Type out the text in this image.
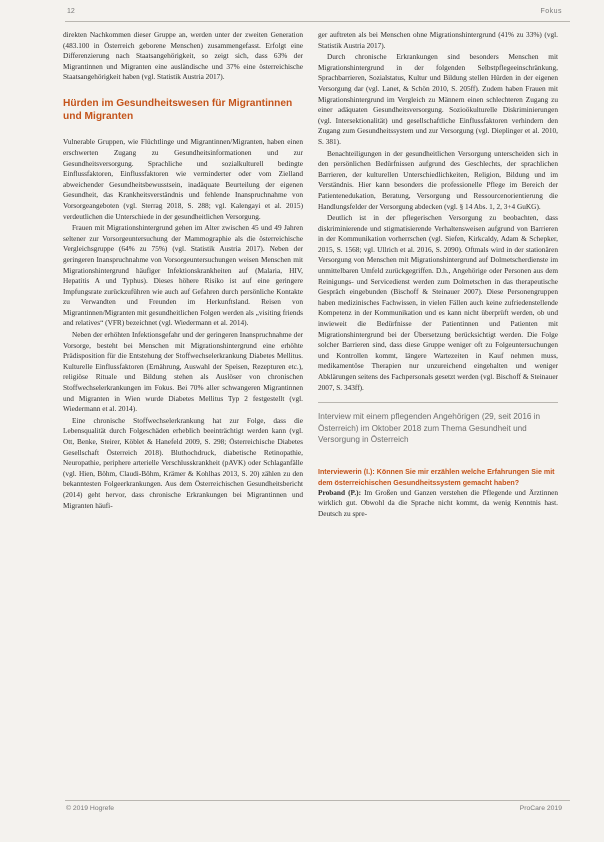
12	Fokus

direkten Nachkommen dieser Gruppe an, werden unter der zweiten Generation (483.100 in Österreich geborene Menschen) zusammengefasst. Erfolgt eine Differenzierung nach Staatsangehörigkeit, so zeigt sich, dass 63% der Migrantinnen und Migranten eine ausländische und 37% eine österreichische Staatsangehörigkeit haben (vgl. Statistik Austria 2017).

Hürden im Gesundheitswesen für Migrantinnen und Migranten

Vulnerable Gruppen, wie Flüchtlinge und Migrantinnen/Migranten, haben einen erschwerten Zugang zu Gesundheitsinformationen und zur Gesundheitsversorgung. Sprachliche und sozialkulturell bedingte Einflussfaktoren, Einflussfaktoren wie verminderter oder vom Zielland abweichender Gesundheitsbewusstsein, inadäquate Beurteilung der eigenen Gesundheit, das Krankheitsverständnis und fehlende Inanspruchnahme von Vorsorgeangeboten (vgl. Sterrag 2018, S. 288; vgl. Kalengayi et al. 2015) verdeutlichen die Unterschiede in der gesundheitlichen Versorgung.

Frauen mit Migrationshintergrund gehen im Alter zwischen 45 und 49 Jahren seltener zur Vorsorgeuntersuchung der Mammographie als die österreichische Vergleichsgruppe (64% zu 75%) (vgl. Statistik Austria 2017). Neben der geringeren Inanspruchnahme von Vorsorgeuntersuchungen weisen Menschen mit Migrationshintergrund häufiger Infektionskrankheiten auf (Malaria, HIV, Hepatitis A und Typhus). Dieses höhere Risiko ist auf eine geringere Impfungsrate zurückzuführen wie auch auf Gefahren durch persönliche Kontakte zu Verwandten und Freunden im Herkunftsland. Reisen von Migrantinnen/Migranten mit gesundheitlichen Folgen werden als „visiting friends and relatives“ (VFR) bezeichnet (vgl. Wiedermann et al. 2014).

Neben der erhöhten Infektionsgefahr und der geringeren Inanspruchnahme der Vorsorge, besteht bei Menschen mit Migrationshintergrund eine erhöhte Prädisposition für die Entstehung der Stoffwechselerkrankung Diabetes Mellitus. Kulturelle Einflussfaktoren (Ernährung, Auswahl der Speisen, Rezepturen etc.), religiöse Rituale und Bildung stehen als Auslöser von chronischen Stoffwechselerkrankungen im Fokus. Bei 70% aller schwangeren Migrantinnen und Migranten in Wien wurde Diabetes Mellitus Typ 2 festgestellt (vgl. Wiedermann et al. 2014).

Eine chronische Stoffwechselerkrankung hat zur Folge, dass die Lebensqualität durch Folgeschäden erheblich beeinträchtigt werden kann (vgl. Ott, Benke, Steirer, Köblet & Hanefeld 2009, S. 298; Österreichische Diabetes Gesellschaft Österreich 2018). Bluthochdruck, diabetische Retinopathie, Neuropathie, periphere arterielle Verschlusskrankheit (pAVK) oder Schlaganfälle (vgl. Hien, Böhm, Claudi-Böhm, Krämer & Kohlhas 2013, S. 20) zählen zu den bekanntesten Folgeerkrankungen. Aus dem Österreichischen Gesundheitsbericht (2014) geht hervor, dass chronische Erkrankungen bei Migrantinnen und Migranten häufi-

ger auftreten als bei Menschen ohne Migrationshintergrund (41% zu 33%) (vgl. Statistik Austria 2017).

Durch chronische Erkrankungen sind besonders Menschen mit Migrationshintergrund in der folgenden Selbstpflegeeinschränkung, Sprachbarrieren, Sozialstatus, Kultur und Bildung stellen Hürden in der eigenen Versorgung dar (vgl. Lanet, & Schön 2010, S. 205ff). Zudem haben Frauen mit Migrationshintergrund im Vergleich zu Männern einen schlechteren Zugang zu einer adäquaten Gesundheitsversorgung. Sozioökulturelle Diskriminierungen (vgl. Intersektionalität) und gesellschaftliche Einflussfaktoren verhindern den Zugang zum Gesundheitssystem und zur Versorgung (vgl. Dieplinger et al. 2010, S. 381).

Benachteiligungen in der gesundheitlichen Versorgung unterscheiden sich in den persönlichen Bedürfnissen aufgrund des Geschlechts, der sprachlichen Barrieren, der kulturellen Unterschiedlichkeiten, Religion, Bildung und im Verständnis. Hier kann besonders die professionelle Pflege im Bereich der Patientenedukation, Beratung, Versorgung und Ressourcenorientierung die Handlungsfelder der Versorgung abdecken (vgl. § 14 Abs. 1, 2, 3+4 GuKG).

Deutlich ist in der pflegerischen Versorgung zu beobachten, dass diskriminierende und stigmatisierende Verhaltensweisen aufgrund von Barrieren in der Kommunikation vorherrschen (vgl. Siefen, Kirkcaldy, Adam & Schepker, 2015, S. 1568; vgl. Ullrich et al. 2016, S. 2090). Oftmals wird in der stationären Versorgung von Menschen mit Migrationshintergrund auf Dolmetscherdienste im unmittelbaren Umfeld zurückgegriffen. D.h., Angehörige oder Personen aus dem Reinigungs- und Servicedienst werden zum Dolmetschen in das therapeutische Gespräch eingebunden (Bischoff & Steinauer 2007). Diese Personengruppen haben medizinisches Fachwissen, in vielen Fällen auch keine zufriedenstellende Kompetenz in der Kommunikation und es kann nicht überprüft werden, ob und inwieweit die Bedürfnisse der Patientinnen und Patienten mit Migrationshintergrund bei der Übersetzung berücksichtigt werden. Die Folge solcher Barrieren sind, dass diese Gruppe weniger oft zu Folgeuntersuchungen und Kontrollen kommt, längere Wartezeiten in Kauf nehmen muss, medikamentöse Therapien nur unzureichend eingehalten und weniger Abklärungen seitens des Fachpersonals gesetzt werden (vgl. Bischoff & Steinauer 2007, S. 343ff).

Interview mit einem pflegenden Angehörigen (29, seit 2016 in Österreich) im Oktober 2018 zum Thema Gesundheit und Versorgung in Österreich

Interviewerin (I.): Können Sie mir erzählen welche Erfahrungen Sie mit dem österreichischen Gesundheitssystem gemacht haben?

Proband (P.): Im Großen und Ganzen verstehen die Pflegende und Ärztinnen wirklich gut. Obwohl da die Sprache nicht kommt, da wenig Kenntnis hast. Deutsch zu spre-

© 2019 Hogrefe	ProCare 2019
